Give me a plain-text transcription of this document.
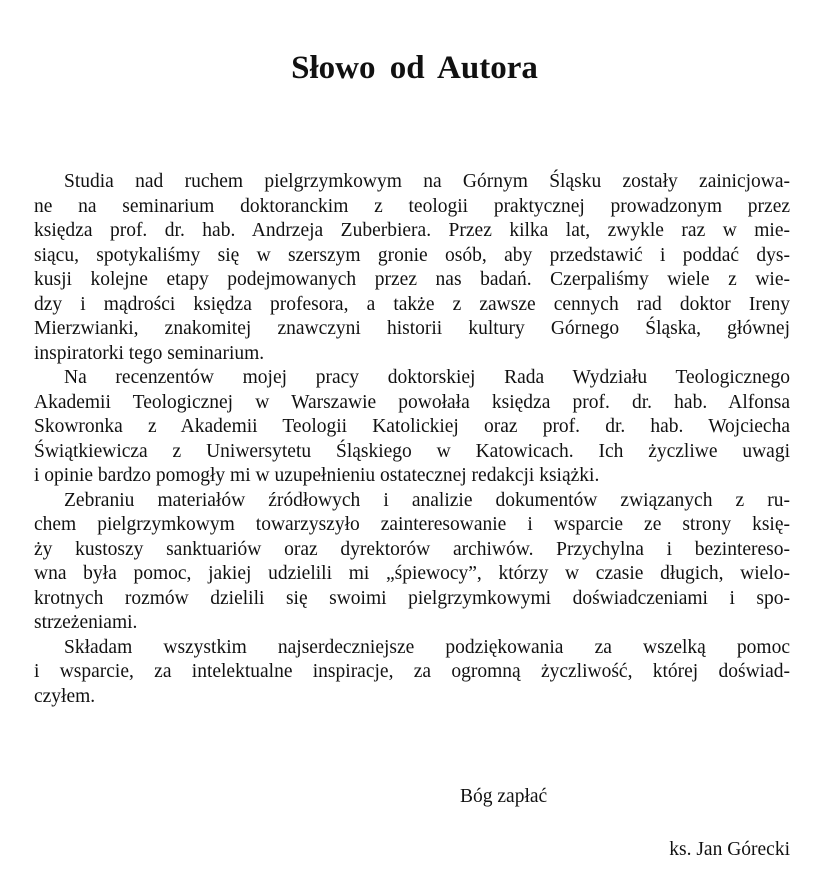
Słowo od Autora
Studia nad ruchem pielgrzymkowym na Górnym Śląsku zostały zainicjowa-
ne na seminarium doktoranckim z teologii praktycznej prowadzonym przez
księdza prof. dr. hab. Andrzeja Zuberbiera. Przez kilka lat, zwykle raz w mie-
siącu, spotykaliśmy się w szerszym gronie osób, aby przedstawić i poddać dys-
kusji kolejne etapy podejmowanych przez nas badań. Czerpaliśmy wiele z wie-
dzy i mądrości księdza profesora, a także z zawsze cennych rad doktor Ireny
Mierzwianki, znakomitej znawczyni historii kultury Górnego Śląska, głównej
inspiratorki tego seminarium.
Na recenzentów mojej pracy doktorskiej Rada Wydziału Teologicznego
Akademii Teologicznej w Warszawie powołała księdza prof. dr. hab. Alfonsa
Skowronka z Akademii Teologii Katolickiej oraz prof. dr. hab. Wojciecha
Świątkiewicza z Uniwersytetu Śląskiego w Katowicach. Ich życzliwe uwagi
i opinie bardzo pomogły mi w uzupełnieniu ostatecznej redakcji książki.
Zebraniu materiałów źródłowych i analizie dokumentów związanych z ru-
chem pielgrzymkowym towarzyszyło zainteresowanie i wsparcie ze strony księ-
ży kustoszy sanktuariów oraz dyrektorów archiwów. Przychylna i bezintereso-
wna była pomoc, jakiej udzielili mi „śpiewocy”, którzy w czasie długich, wielo-
krotnych rozmów dzielili się swoimi pielgrzymkowymi doświadczeniami i spo-
strzeżeniami.
Składam wszystkim najserdeczniejsze podziękowania za wszelką pomoc
i wsparcie, za intelektualne inspiracje, za ogromną życzliwość, której doświad-
czyłem.
Bóg zapłać
ks. Jan Górecki
